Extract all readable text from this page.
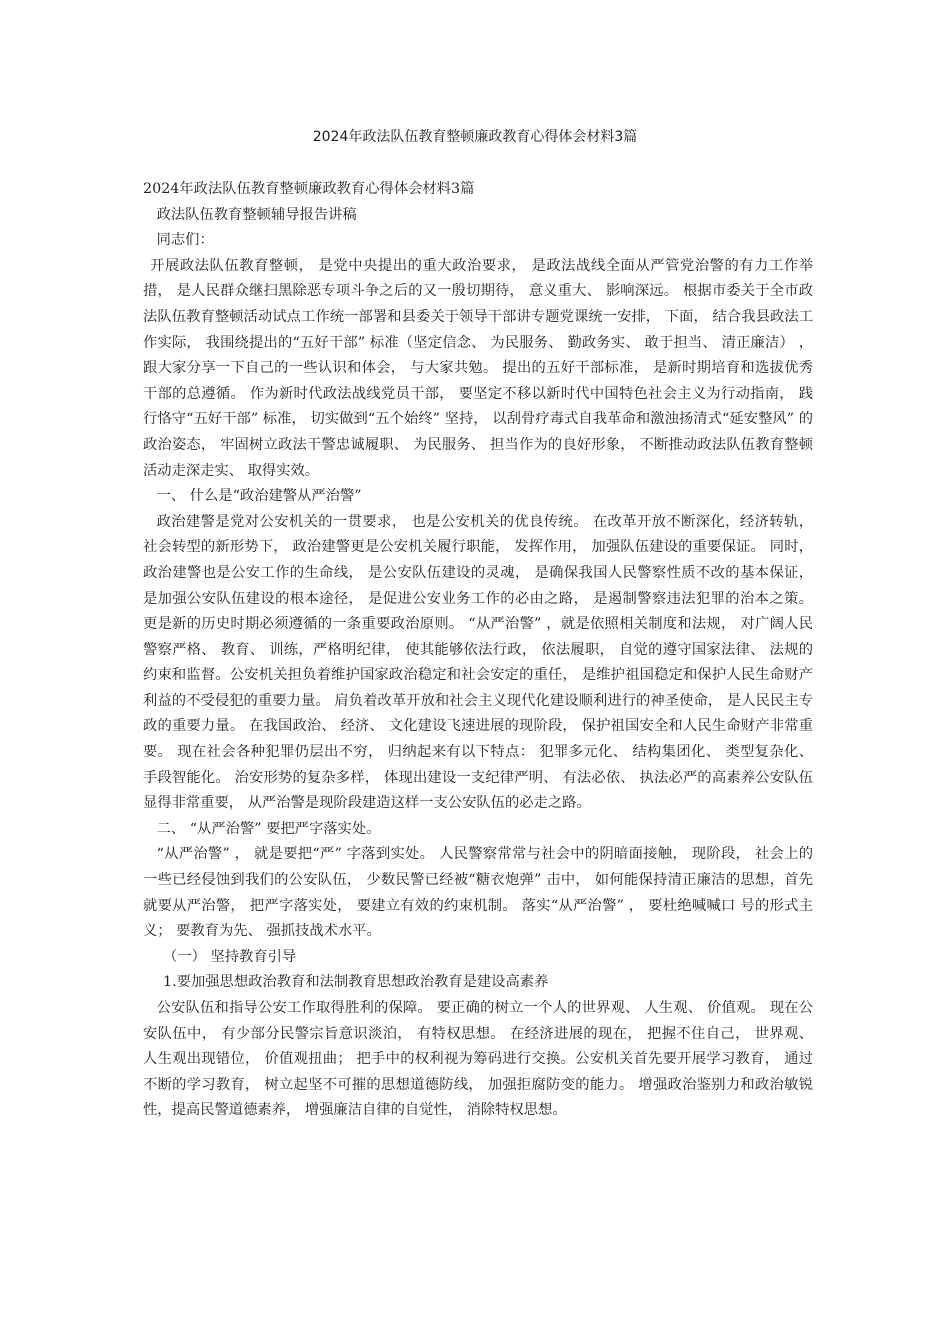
2024年政法队伍教育整顿廉政教育心得体会材料3篇

2024年政法队伍教育整顿廉政教育心得体会材料3篇

政法队伍教育整顿辅导报告讲稿

同志们：

开展政法队伍教育整顿， 是党中央提出的重大政治要求， 是政法战线全面从严管党治警的有力工作举措， 是人民群众继扫黑除恶专项斗争之后的又一殷切期待， 意义重大、 影响深远。 根据市委关于全市政法队伍教育整顿活动试点工作统一部署和县委关于领导干部讲专题党课统一安排， 下面， 结合我县政法工作实际， 我围绕提出的“五好干部” 标准（坚定信念、 为民服务、 勤政务实、 敢于担当、 清正廉洁） ， 跟大家分享一下自己的一些认识和体会， 与大家共勉。 提出的五好干部标准， 是新时期培育和选拔优秀干部的总遵循。 作为新时代政法战线党员干部， 要坚定不移以新时代中国特色社会主义为行动指南， 践行恪守“五好干部” 标准， 切实做到“五个始终” 坚持， 以刮骨疗毒式自我革命和激浊扬清式“延安整风” 的政治姿态， 牢固树立政法干警忠诚履职、 为民服务、 担当作为的良好形象， 不断推动政法队伍教育整顿活动走深走实、 取得实效。

一、 什么是“政治建警从严治警”

政治建警是党对公安机关的一贯要求， 也是公安机关的优良传统。 在改革开放不断深化，经济转轨， 社会转型的新形势下， 政治建警更是公安机关履行职能， 发挥作用， 加强队伍建设的重要保证。 同时， 政治建警也是公安工作的生命线， 是公安队伍建设的灵魂， 是确保我国人民警察性质不改的基本保证， 是加强公安队伍建设的根本途径， 是促进公安业务工作的必由之路， 是遏制警察违法犯罪的治本之策。 更是新的历史时期必须遵循的一条重要政治原则。 “从严治警” ，就是依照相关制度和法规， 对广阔人民警察严格、 教育、 训练，严格明纪律， 使其能够依法行政， 依法履职， 自觉的遵守国家法律、 法规的约束和监督。公安机关担负着维护国家政治稳定和社会安定的重任， 是维护祖国稳定和保护人民生命财产利益的不受侵犯的重要力量。 肩负着改革开放和社会主义现代化建设顺利进行的神圣使命， 是人民民主专政的重要力量。 在我国政治、 经济、 文化建设飞速进展的现阶段， 保护祖国安全和人民生命财产非常重要。 现在社会各种犯罪仍层出不穷， 归纳起来有以下特点： 犯罪多元化、 结构集团化、 类型复杂化、 手段智能化。 治安形势的复杂多样， 体现出建设一支纪律严明、 有法必依、 执法必严的高素养公安队伍显得非常重要， 从严治警是现阶段建造这样一支公安队伍的必走之路。

二、 “从严治警” 要把严字落实处。

“从严治警” ， 就是要把“严” 字落到实处。 人民警察常常与社会中的阴暗面接触， 现阶段， 社会上的一些已经侵蚀到我们的公安队伍， 少数民警已经被“糖衣炮弹” 击中， 如何能保持清正廉洁的思想，首先就要从严治警， 把严字落实处， 要建立有效的约束机制。 落实“从严治警” ， 要杜绝喊喊口 号的形式主义； 要教育为先、 强抓技战术水平。

（一） 坚持教育引导

1.要加强思想政治教育和法制教育思想政治教育是建设高素养

公安队伍和指导公安工作取得胜利的保障。 要正确的树立一个人的世界观、 人生观、 价值观。 现在公安队伍中， 有少部分民警宗旨意识淡泊， 有特权思想。 在经济进展的现在， 把握不住自己， 世界观、 人生观出现错位， 价值观扭曲； 把手中的权利视为筹码进行交换。公安机关首先要开展学习教育， 通过不断的学习教育， 树立起坚不可摧的思想道德防线， 加强拒腐防变的能力。 增强政治鉴别力和政治敏锐性，提高民警道德素养， 增强廉洁自律的自觉性， 消除特权思想。
